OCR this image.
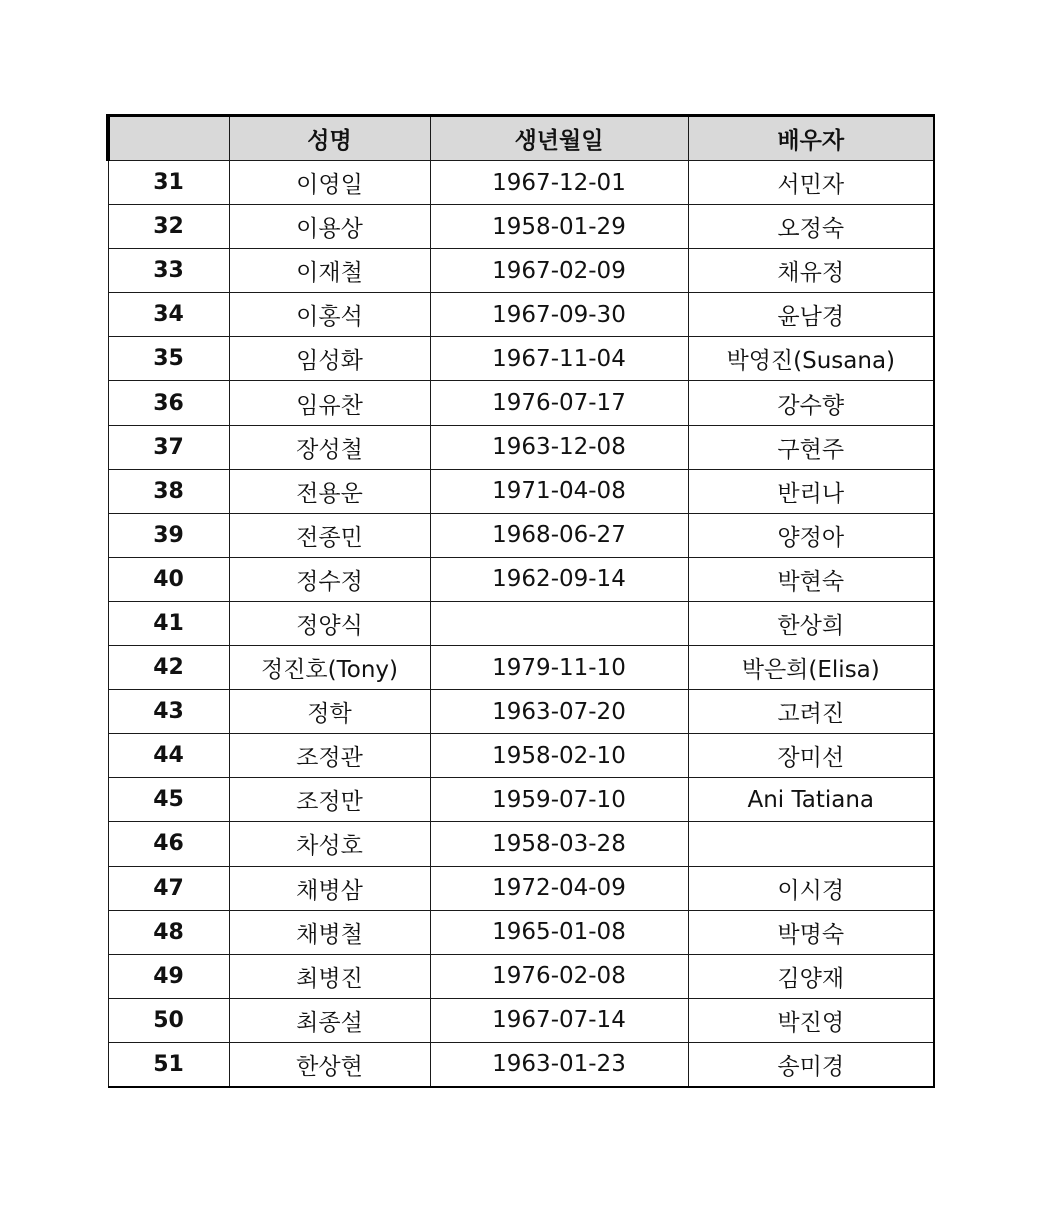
	성명	생년월일	배우자
31	이영일	1967-12-01	서민자
32	이용상	1958-01-29	오정숙
33	이재철	1967-02-09	채유정
34	이홍석	1967-09-30	윤남경
35	임성화	1967-11-04	박영진(Susana)
36	임유찬	1976-07-17	강수향
37	장성철	1963-12-08	구현주
38	전용운	1971-04-08	반리나
39	전종민	1968-06-27	양정아
40	정수정	1962-09-14	박현숙
41	정양식		한상희
42	정진호(Tony)	1979-11-10	박은희(Elisa)
43	정학	1963-07-20	고려진
44	조정관	1958-02-10	장미선
45	조정만	1959-07-10	Ani Tatiana
46	차성호	1958-03-28	
47	채병삼	1972-04-09	이시경
48	채병철	1965-01-08	박명숙
49	최병진	1976-02-08	김양재
50	최종설	1967-07-14	박진영
51	한상현	1963-01-23	송미경
